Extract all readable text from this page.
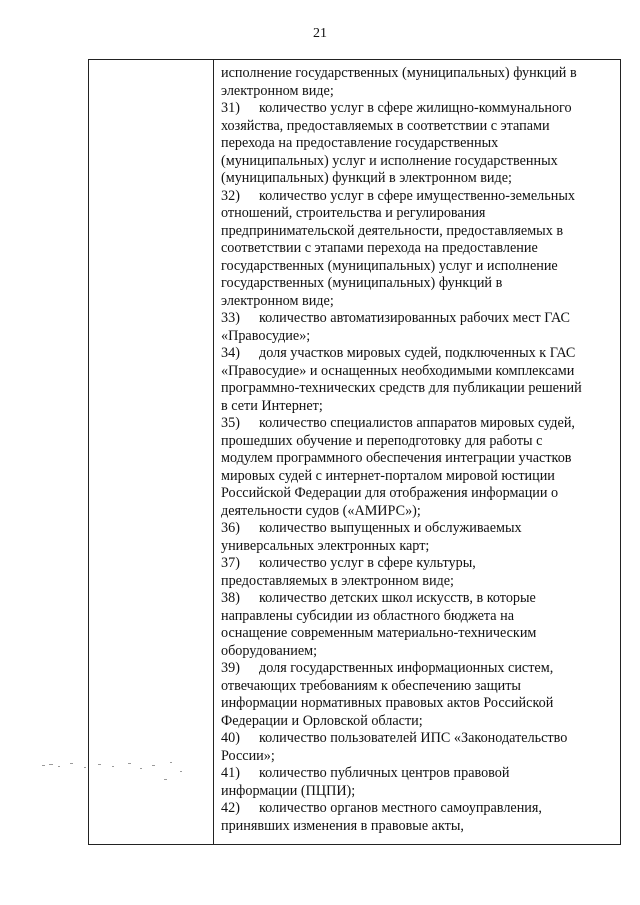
21
исполнение государственных (муниципальных) функций в
электронном виде;
31) количество услуг в сфере жилищно-коммунального
хозяйства, предоставляемых в соответствии с этапами
перехода на предоставление государственных
(муниципальных) услуг и исполнение государственных
(муниципальных) функций в электронном виде;
32) количество услуг в сфере имущественно-земельных
отношений, строительства и регулирования
предпринимательской деятельности, предоставляемых в
соответствии с этапами перехода на предоставление
государственных (муниципальных) услуг и исполнение
государственных (муниципальных) функций в
электронном виде;
33) количество автоматизированных рабочих мест ГАС
«Правосудие»;
34) доля участков мировых судей, подключенных к ГАС
«Правосудие» и оснащенных необходимыми комплексами
программно-технических средств для публикации решений
в сети Интернет;
35) количество специалистов аппаратов мировых судей,
прошедших обучение и переподготовку для работы с
модулем программного обеспечения интеграции участков
мировых судей с интернет-порталом мировой юстиции
Российской Федерации для отображения информации о
деятельности судов («АМИРС»);
36) количество выпущенных и обслуживаемых
универсальных электронных карт;
37) количество услуг в сфере культуры,
предоставляемых в электронном виде;
38) количество детских школ искусств, в которые
направлены субсидии из областного бюджета на
оснащение современным материально-техническим
оборудованием;
39) доля государственных информационных систем,
отвечающих требованиям к обеспечению защиты
информации нормативных правовых актов Российской
Федерации и Орловской области;
40) количество пользователей ИПС «Законодательство
России»;
41) количество публичных центров правовой
информации (ПЦПИ);
42) количество органов местного самоуправления,
принявших изменения в правовые акты,
